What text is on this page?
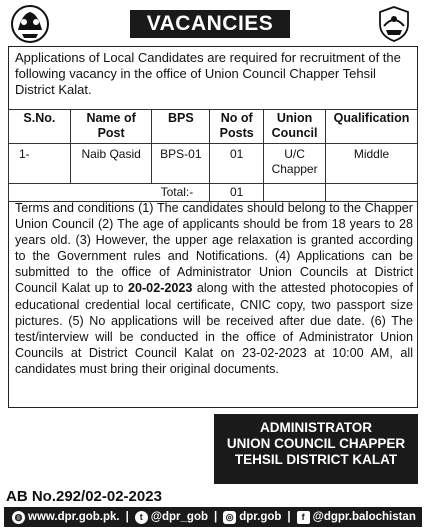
VACANCIES

Applications of Local Candidates are required for recruitment of the following vacancy in the office of Union Council Chapper Tehsil District Kalat.

S.No.	Name of Post	BPS	No of Posts	Union Council	Qualification
1-	Naib Qasid	BPS-01	01	U/C Chapper	Middle
Total:-			01		

Terms and conditions (1) The candidates should belong to the Chapper Union Council (2) The age of applicants should be from 18 years to 28 years old. (3) However, the upper age relaxation is granted according to the Government rules and Notifications. (4) Applications can be submitted to the office of Administrator Union Councils at District Council Kalat up to 20-02-2023 along with the attested photocopies of educational credential local certificate, CNIC copy, two passport size pictures. (5) No applications will be received after due date. (6) The test/interview will be conducted in the office of Administrator Union Councils at District Council Kalat on 23-02-2023 at 10:00 AM, all candidates must bring their original documents.

ADMINISTRATOR
UNION COUNCIL CHAPPER
TEHSIL DISTRICT KALAT
AB No.292/02-02-2023
◍ www.dpr.gob.pk. |	t @dpr_gob | ◎ dpr.gob |	f @dgpr.balochistan
